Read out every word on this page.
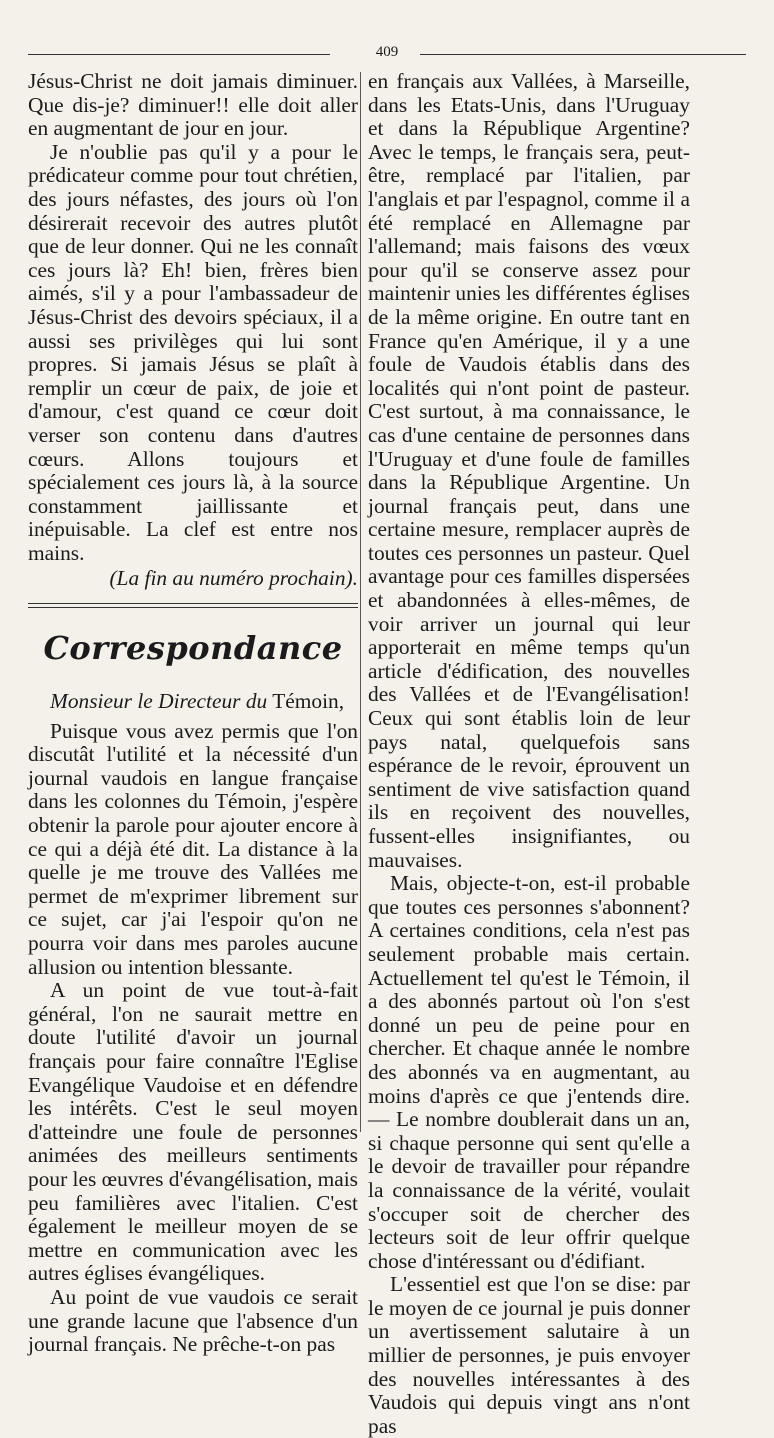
409

Jésus-Christ ne doit jamais diminuer. Que dis-je? diminuer!! elle doit aller en augmentant de jour en jour.

Je n'oublie pas qu'il y a pour le prédicateur comme pour tout chrétien, des jours néfastes, des jours où l'on désirerait recevoir des autres plutôt que de leur donner. Qui ne les connaît ces jours là? Eh! bien, frères bien aimés, s'il y a pour l'ambassadeur de Jésus-Christ des devoirs spéciaux, il a aussi ses privilèges qui lui sont propres. Si jamais Jésus se plaît à remplir un cœur de paix, de joie et d'amour, c'est quand ce cœur doit verser son contenu dans d'autres cœurs. Allons toujours et spécialement ces jours là, à la source constamment jaillissante et inépuisable. La clef est entre nos mains.

(La fin au numéro prochain).

Correspondance

Monsieur le Directeur du Témoin,

Puisque vous avez permis que l'on discutât l'utilité et la nécessité d'un journal vaudois en langue française dans les colonnes du Témoin, j'espère obtenir la parole pour ajouter encore à ce qui a déjà été dit. La distance à la quelle je me trouve des Vallées me permet de m'exprimer librement sur ce sujet, car j'ai l'espoir qu'on ne pourra voir dans mes paroles aucune allusion ou intention blessante.

A un point de vue tout-à-fait général, l'on ne saurait mettre en doute l'utilité d'avoir un journal français pour faire connaître l'Eglise Evangélique Vaudoise et en défendre les intérêts. C'est le seul moyen d'atteindre une foule de personnes animées des meilleurs sentiments pour les œuvres d'évangélisation, mais peu familières avec l'italien. C'est également le meilleur moyen de se mettre en communication avec les autres églises évangéliques.

Au point de vue vaudois ce serait une grande lacune que l'absence d'un journal français. Ne prêche-t-on pas

en français aux Vallées, à Marseille, dans les Etats-Unis, dans l'Uruguay et dans la République Argentine? Avec le temps, le français sera, peut-être, remplacé par l'italien, par l'anglais et par l'espagnol, comme il a été remplacé en Allemagne par l'allemand; mais faisons des vœux pour qu'il se conserve assez pour maintenir unies les différentes églises de la même origine. En outre tant en France qu'en Amérique, il y a une foule de Vaudois établis dans des localités qui n'ont point de pasteur. C'est surtout, à ma connaissance, le cas d'une centaine de personnes dans l'Uruguay et d'une foule de familles dans la République Argentine. Un journal français peut, dans une certaine mesure, remplacer auprès de toutes ces personnes un pasteur. Quel avantage pour ces familles dispersées et abandonnées à elles-mêmes, de voir arriver un journal qui leur apporterait en même temps qu'un article d'édification, des nouvelles des Vallées et de l'Evangélisation! Ceux qui sont établis loin de leur pays natal, quelquefois sans espérance de le revoir, éprouvent un sentiment de vive satisfaction quand ils en reçoivent des nouvelles, fussent-elles insignifiantes, ou mauvaises.

Mais, objecte-t-on, est-il probable que toutes ces personnes s'abonnent? A certaines conditions, cela n'est pas seulement probable mais certain. Actuellement tel qu'est le Témoin, il a des abonnés partout où l'on s'est donné un peu de peine pour en chercher. Et chaque année le nombre des abonnés va en augmentant, au moins d'après ce que j'entends dire. — Le nombre doublerait dans un an, si chaque personne qui sent qu'elle a le devoir de travailler pour répandre la connaissance de la vérité, voulait s'occuper soit de chercher des lecteurs soit de leur offrir quelque chose d'intéressant ou d'édifiant.

L'essentiel est que l'on se dise: par le moyen de ce journal je puis donner un avertissement salutaire à un millier de personnes, je puis envoyer des nouvelles intéressantes à des Vaudois qui depuis vingt ans n'ont pas
